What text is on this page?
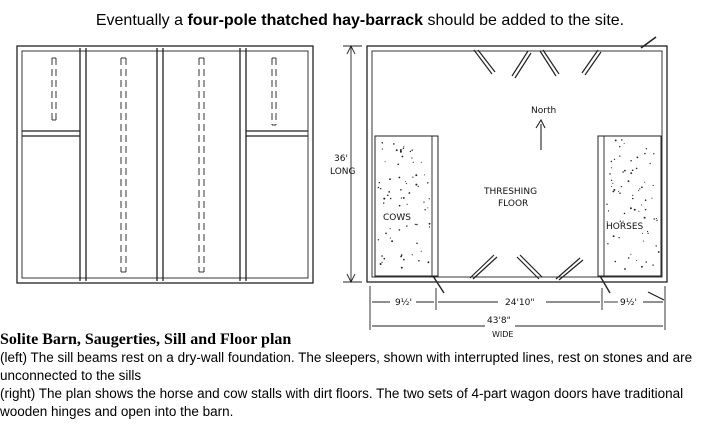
Eventually a four-pole thatched hay-barrack should be added to the site.
North
THRESHING
FLOOR
COWS
HORSES
36'
LONG
9½'	24'10"	9½'
43'8"
WIDE
Solite Barn, Saugerties, Sill and Floor plan

(left) The sill beams rest on a dry-wall foundation. The sleepers, shown with interrupted lines, rest on stones and are unconnected to the sills

(right) The plan shows the horse and cow stalls with dirt floors. The two sets of 4-part wagon doors have traditional wooden hinges and open into the barn.
